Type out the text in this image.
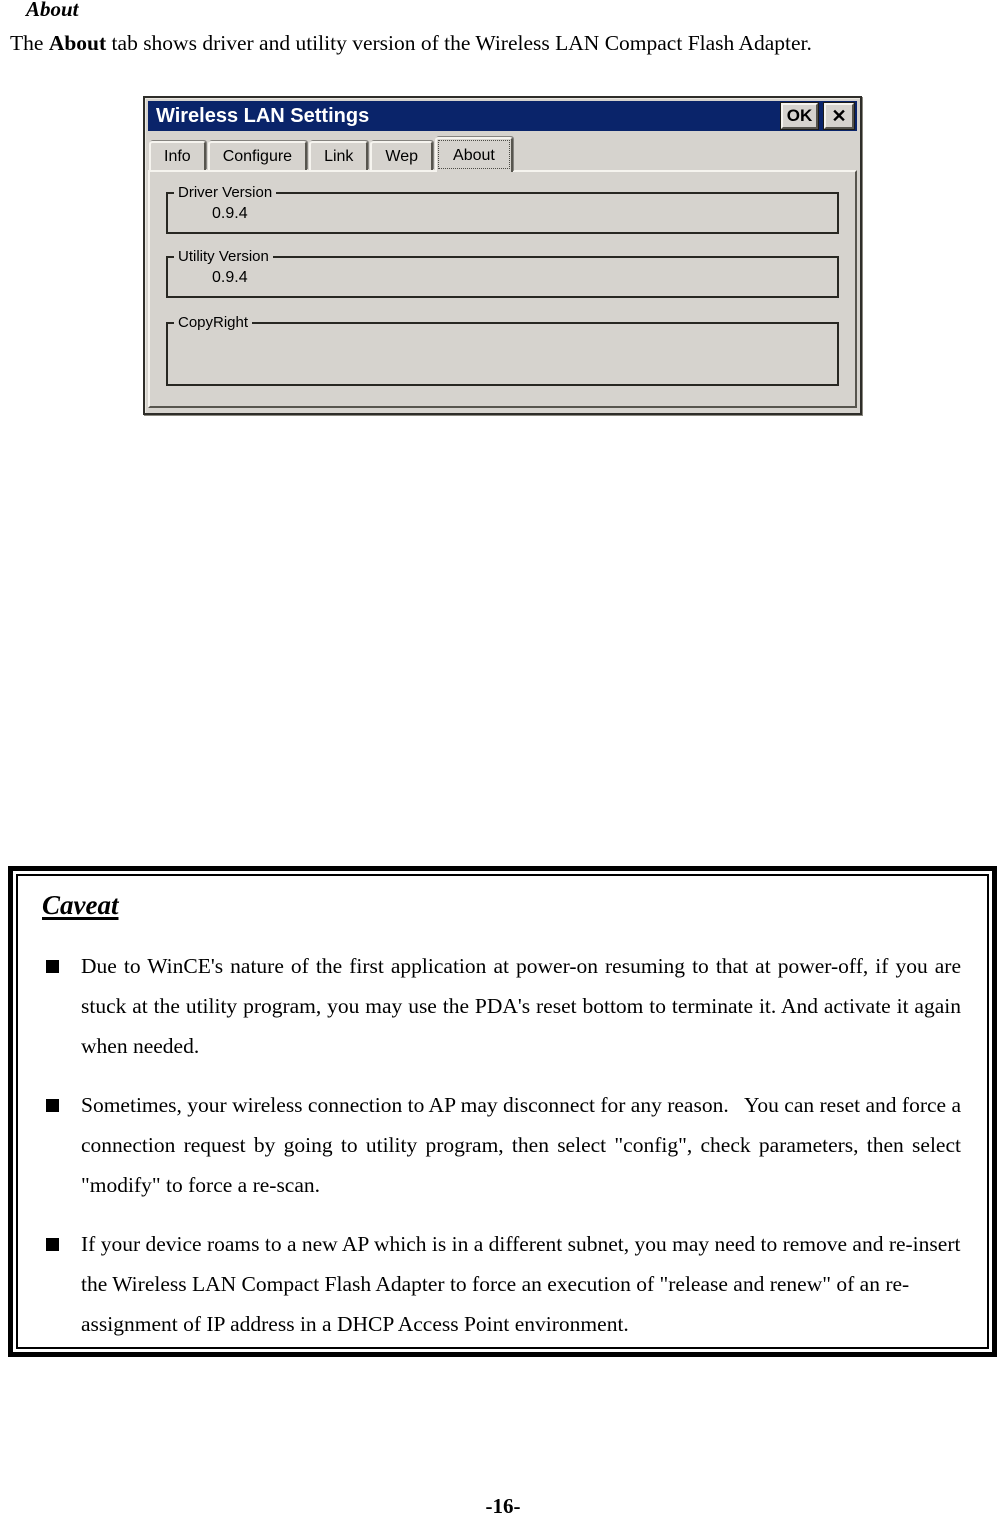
About

The About tab shows driver and utility version of the Wireless LAN Compact Flash Adapter.

Wireless LAN Settings	OK	✕
Info	Configure	Link	Wep	About
Driver Version
0.9.4
Utility Version
0.9.4
CopyRight
Caveat
Due to WinCE's nature of the first application at power-on resuming to that at power-off, if you are stuck at the utility program, you may use the PDA's reset bottom to terminate it. And activate it again when needed.
Sometimes, your wireless connection to AP may disconnect for any reason.   You can reset and force a connection request by going to utility program, then select "config", check parameters, then select "modify" to force a re-scan.
If your device roams to a new AP which is in a different subnet, you may need to remove and re-insert the Wireless LAN Compact Flash Adapter to force an execution of "release and renew" of an re-assignment of IP address in a DHCP Access Point environment.
-16-
